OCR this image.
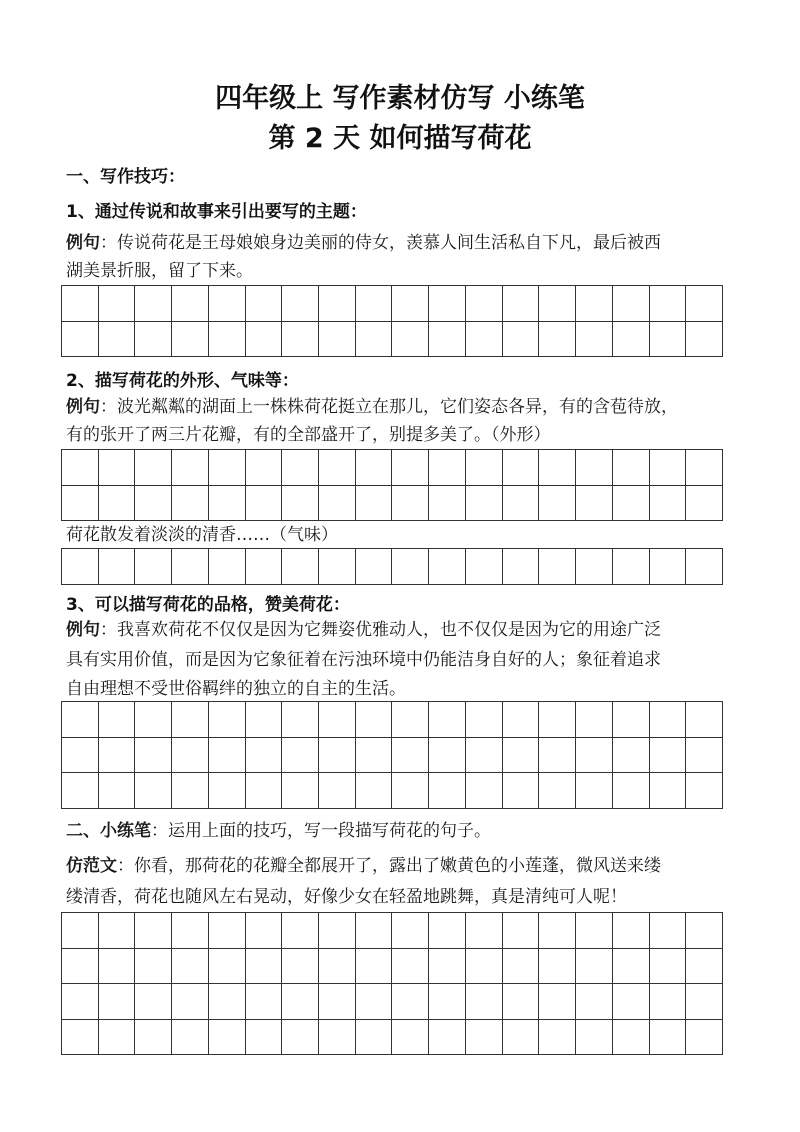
四年级上 写作素材仿写 小练笔
第 2 天 如何描写荷花
一、写作技巧：
1、通过传说和故事来引出要写的主题：
例句：传说荷花是王母娘娘身边美丽的侍女，羡慕人间生活私自下凡，最后被西
湖美景折服，留了下来。
2、描写荷花的外形、气味等：
例句：波光粼粼的湖面上一株株荷花挺立在那儿，它们姿态各异，有的含苞待放，
有的张开了两三片花瓣，有的全部盛开了，别提多美了。（外形）
荷花散发着淡淡的清香……（气味）
3、可以描写荷花的品格，赞美荷花：
例句：我喜欢荷花不仅仅是因为它舞姿优雅动人，也不仅仅是因为它的用途广泛
具有实用价值，而是因为它象征着在污浊环境中仍能洁身自好的人；象征着追求
自由理想不受世俗羁绊的独立的自主的生活。
二、小练笔：运用上面的技巧，写一段描写荷花的句子。
仿范文：你看，那荷花的花瓣全都展开了，露出了嫩黄色的小莲蓬，微风送来缕
缕清香，荷花也随风左右晃动，好像少女在轻盈地跳舞，真是清纯可人呢！
